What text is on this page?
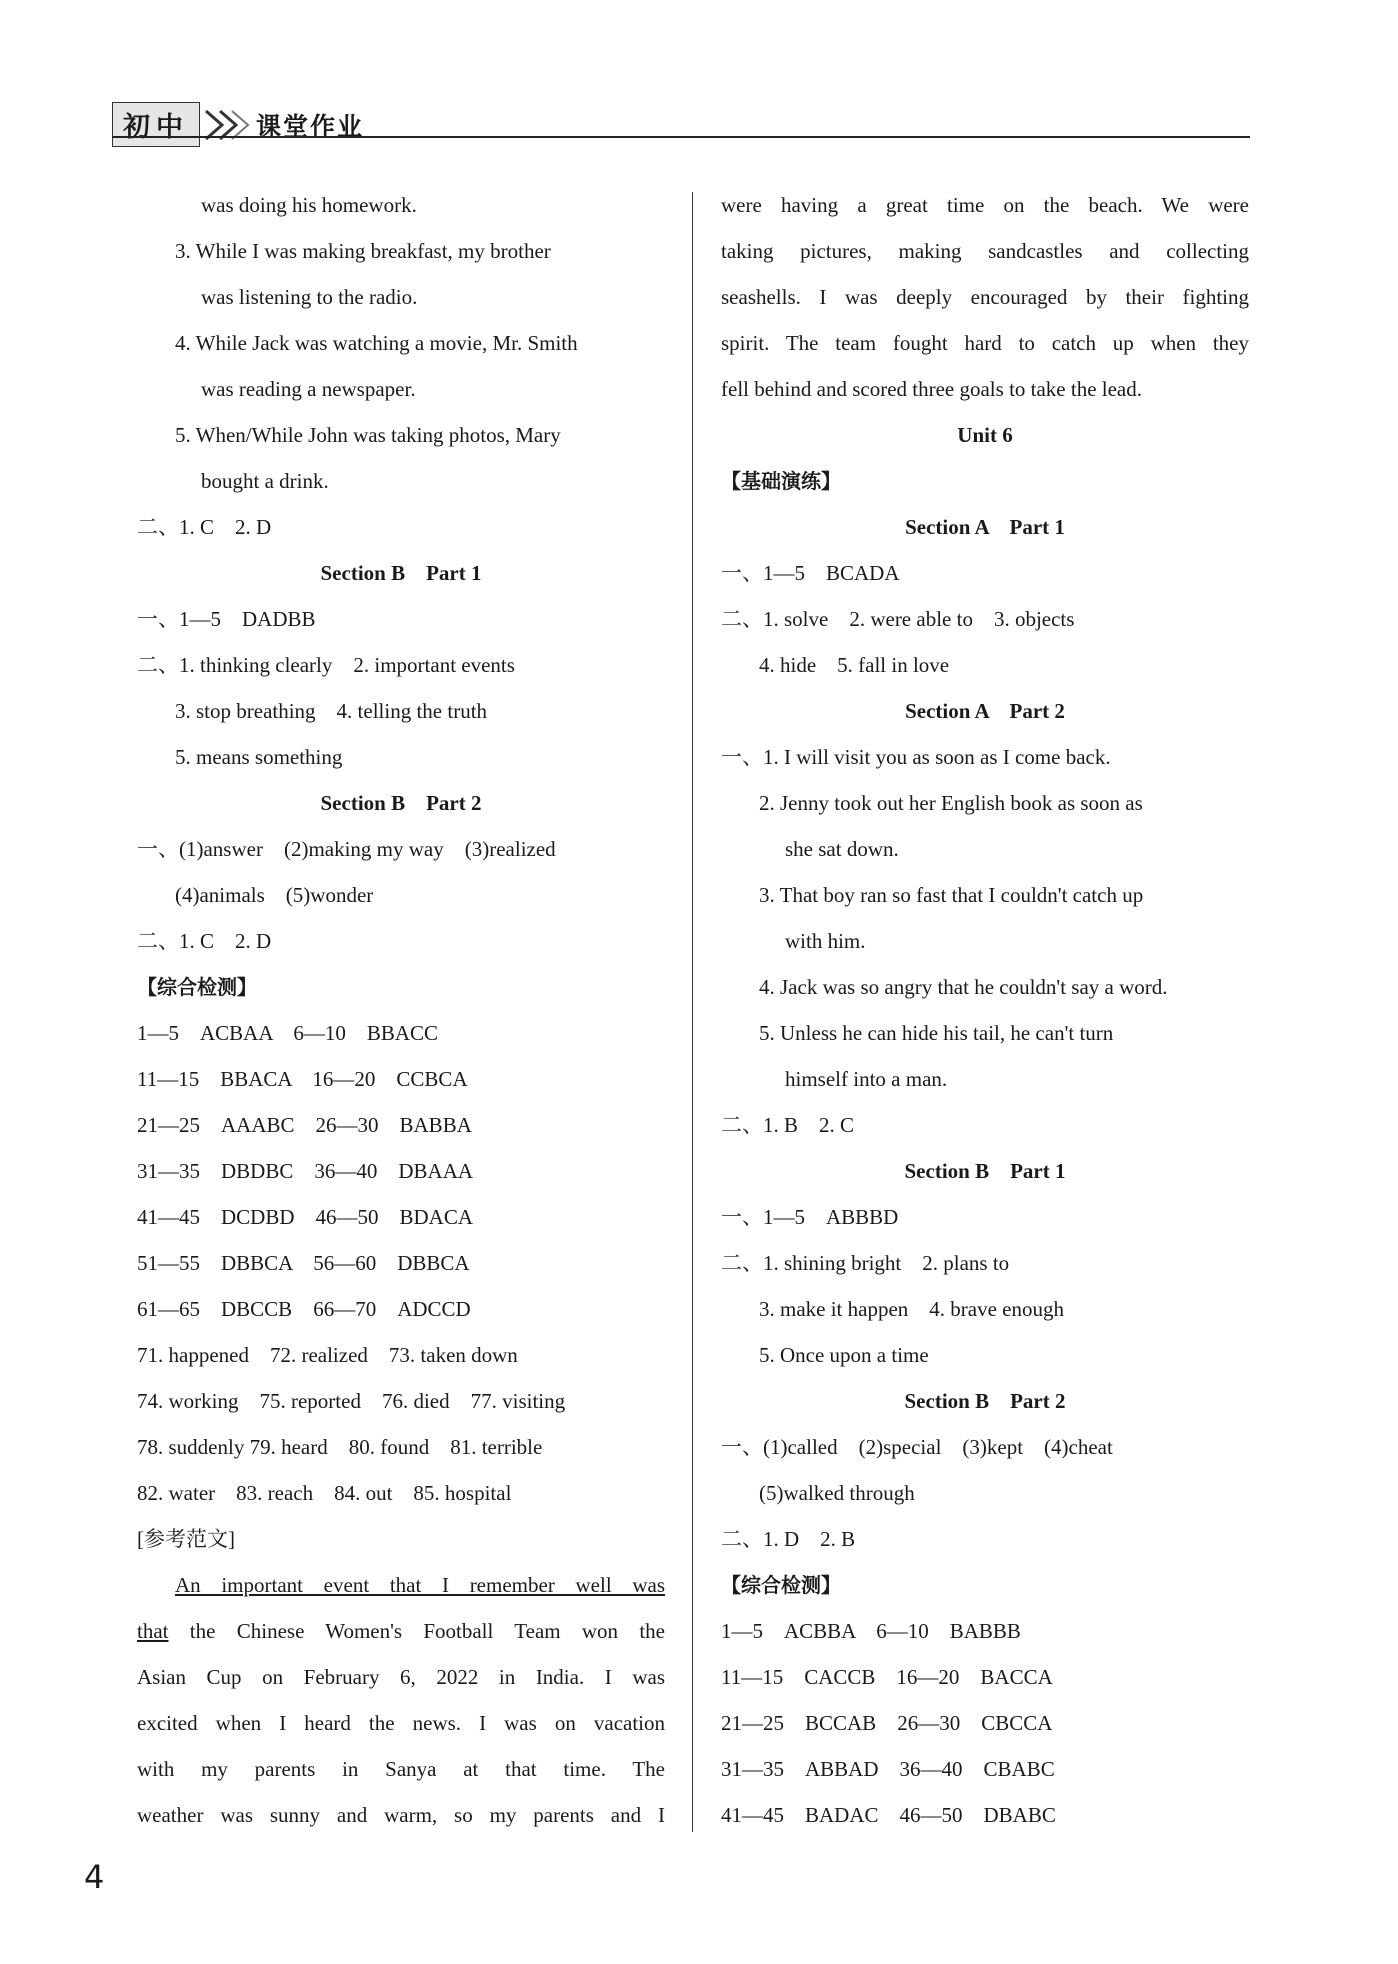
初中	课堂作业
was doing his homework.
3. While I was making breakfast, my brother
was listening to the radio.
4. While Jack was watching a movie, Mr. Smith
was reading a newspaper.
5. When/While John was taking photos, Mary
bought a drink.
二、1. C　2. D
Section B　Part 1
一、1—5　DADBB
二、1. thinking clearly　2. important events
3. stop breathing　4. telling the truth
5. means something
Section B　Part 2
一、(1)answer　(2)making my way　(3)realized
(4)animals　(5)wonder
二、1. C　2. D
【综合检测】
1—5　ACBAA　6—10　BBACC
11—15　BBACA　16—20　CCBCA
21—25　AAABC　26—30　BABBA
31—35　DBDBC　36—40　DBAAA
41—45　DCDBD　46—50　BDACA
51—55　DBBCA　56—60　DBBCA
61—65　DBCCB　66—70　ADCCD
71. happened　72. realized　73. taken down
74. working　75. reported　76. died　77. visiting
78. suddenly 79. heard　80. found　81. terrible
82. water　83. reach　84. out　85. hospital
[参考范文]
An important event that I remember well was
that the Chinese Women's Football Team won the
Asian Cup on February 6, 2022 in India. I was
excited when I heard the news. I was on vacation
with my parents in Sanya at that time. The
weather was sunny and warm, so my parents and I
were having a great time on the beach. We were
taking pictures, making sandcastles and collecting
seashells. I was deeply encouraged by their fighting
spirit. The team fought hard to catch up when they
fell behind and scored three goals to take the lead.
Unit 6
【基础演练】
Section A　Part 1
一、1—5　BCADA
二、1. solve　2. were able to　3. objects
4. hide　5. fall in love
Section A　Part 2
一、1. I will visit you as soon as I come back.
2. Jenny took out her English book as soon as
she sat down.
3. That boy ran so fast that I couldn't catch up
with him.
4. Jack was so angry that he couldn't say a word.
5. Unless he can hide his tail, he can't turn
himself into a man.
二、1. B　2. C
Section B　Part 1
一、1—5　ABBBD
二、1. shining bright　2. plans to
3. make it happen　4. brave enough
5. Once upon a time
Section B　Part 2
一、(1)called　(2)special　(3)kept　(4)cheat
(5)walked through
二、1. D　2. B
【综合检测】
1—5　ACBBA　6—10　BABBB
11—15　CACCB　16—20　BACCA
21—25　BCCAB　26—30　CBCCA
31—35　ABBAD　36—40　CBABC
41—45　BADAC　46—50　DBABC
4
